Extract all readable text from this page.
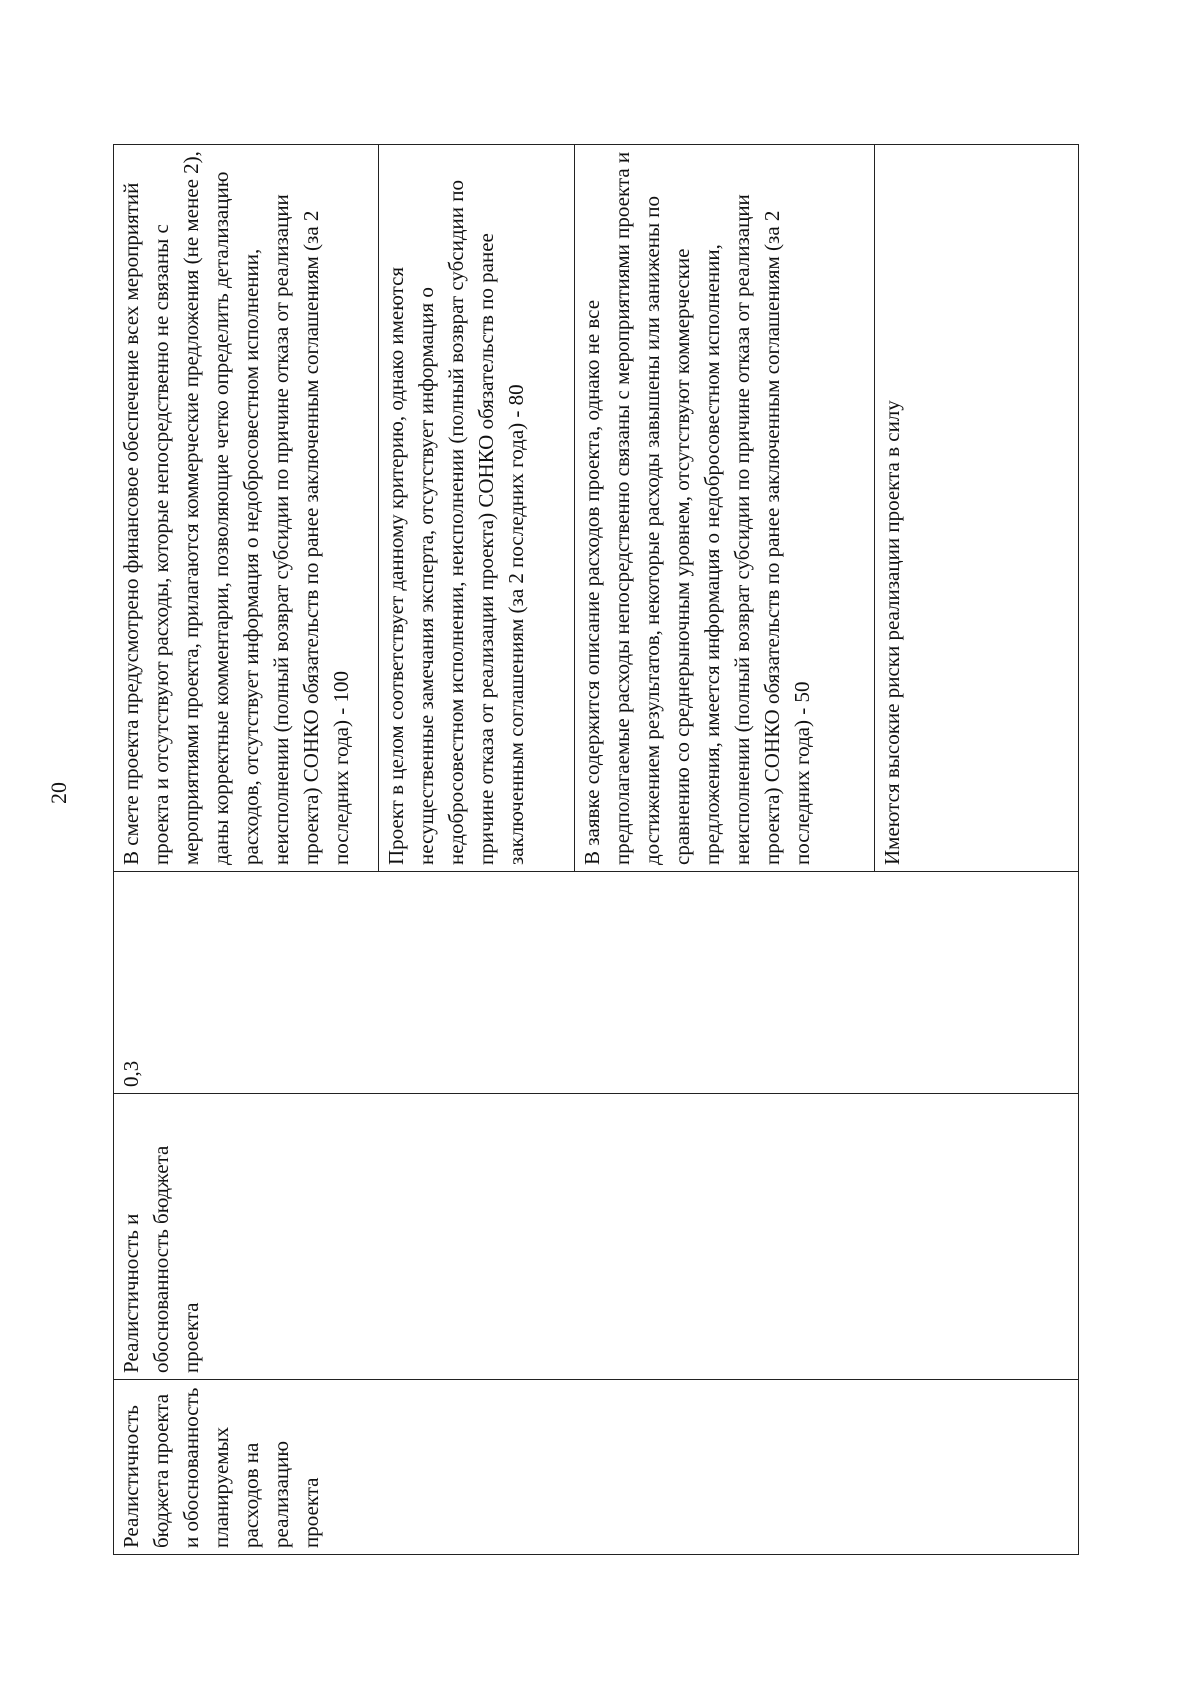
20
Реалистичность бюджета проекта и обоснованность планируемых расходов на реализацию проекта	Реалистичность и обоснованность бюджета проекта	0,3	В смете проекта предусмотрено финансовое обеспечение всех мероприятий проекта и отсутствуют расходы, которые непосредственно не связаны с мероприятиями проекта, прилагаются коммерческие предложения (не менее 2), даны корректные комментарии, позволяющие четко определить детализацию расходов, отсутствует информация о недобросовестном исполнении, неисполнении (полный возврат субсидии по причине отказа от реализации проекта) СОНКО обязательств по ранее заключенным соглашениям (за 2 последних года) - 100
Проект в целом соответствует данному критерию, однако имеются несущественные замечания эксперта, отсутствует информация о недобросовестном исполнении, неисполнении (полный возврат субсидии по причине отказа от реализации проекта) СОНКО обязательств по ранее заключенным соглашениям (за 2 последних года) - 80
В заявке содержится описание расходов проекта, однако не все предполагаемые расходы непосредственно связаны с мероприятиями проекта и достижением результатов, некоторые расходы завышены или занижены по сравнению со среднерыночным уровнем, отсутствуют коммерческие предложения, имеется информация о недобросовестном исполнении, неисполнении (полный возврат субсидии по причине отказа от реализации проекта) СОНКО обязательств по ранее заключенным соглашениям (за 2 последних года) - 50
Имеются высокие риски реализации проекта в силу
